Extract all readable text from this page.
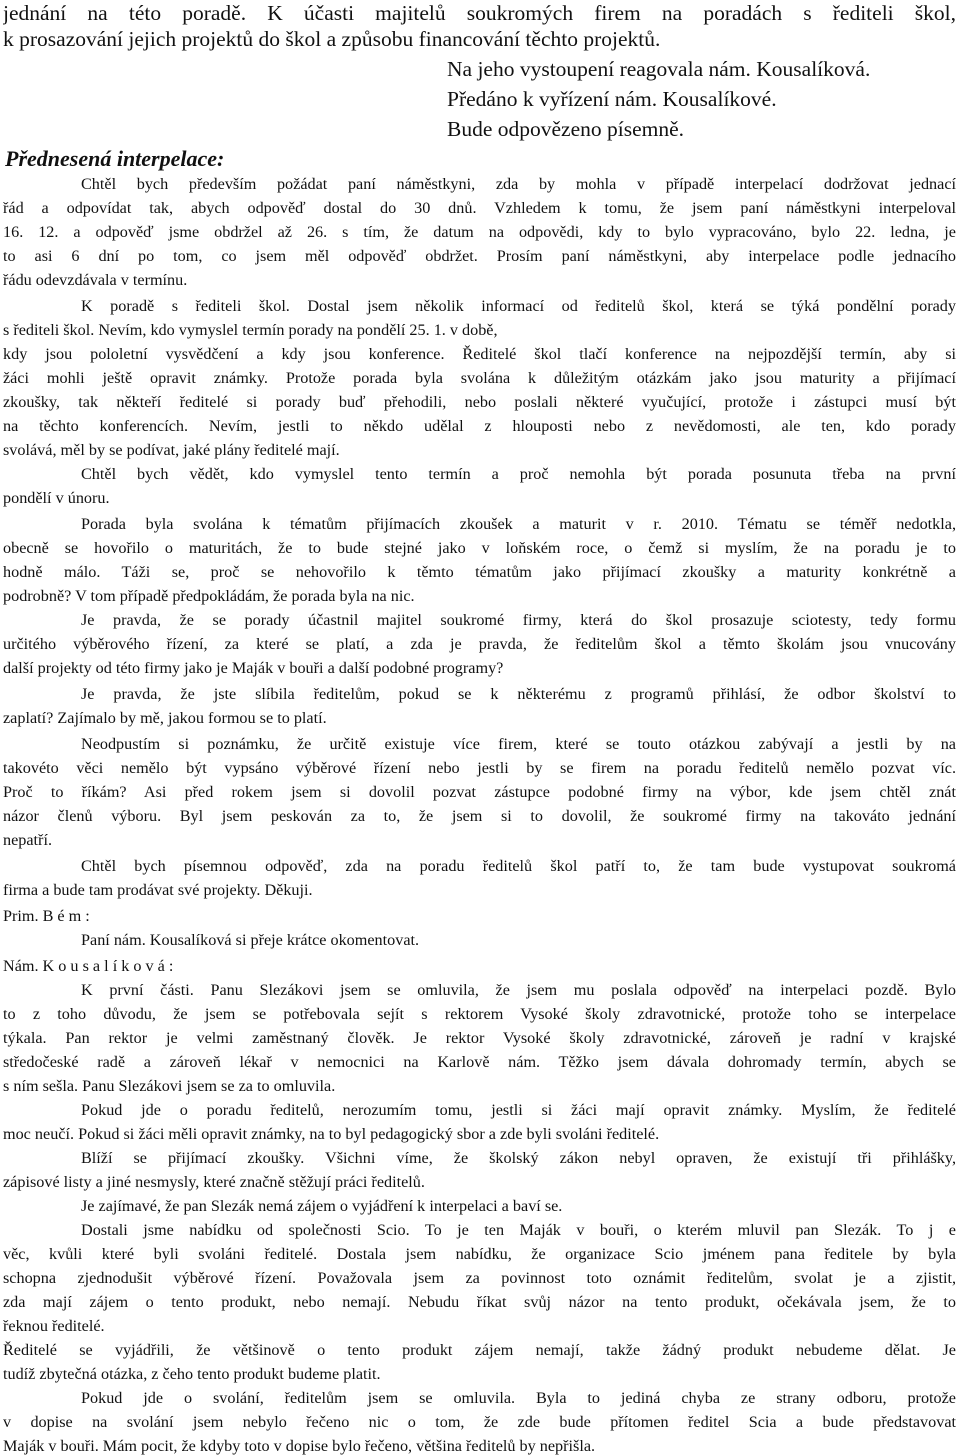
jednání na této poradě. K účasti majitelů soukromých firem na poradách s řediteli škol,
k prosazování jejich projektů do škol a způsobu financování těchto projektů.
Na jeho vystoupení reagovala nám. Kousalíková.
Předáno k vyřízení nám. Kousalíkové.
Bude odpovězeno písemně.
Přednesená interpelace:
Chtěl bych především požádat paní náměstkyni, zda by mohla v případě interpelací dodržovat jednací
řád a odpovídat tak, abych odpověď dostal do 30 dnů. Vzhledem k tomu, že jsem paní náměstkyni interpeloval
16. 12. a odpověď jsme obdržel až 26. s tím, že datum na odpovědi, kdy to bylo vypracováno, bylo 22. ledna, je
to asi 6 dní po tom, co jsem měl odpověď obdržet. Prosím paní náměstkyni, aby interpelace podle jednacího
řádu odevzdávala v termínu.
K poradě s řediteli škol. Dostal jsem několik informací od ředitelů škol, která se týká pondělní porady
s řediteli škol. Nevím, kdo vymyslel termín porady na pondělí 25. 1. v době,
kdy jsou pololetní vysvědčení a kdy jsou konference. Ředitelé škol tlačí konference na nejpozdější termín, aby si
žáci mohli ještě opravit známky. Protože porada byla svolána k důležitým otázkám jako jsou maturity a přijímací
zkoušky, tak někteří ředitelé si porady buď přehodili, nebo poslali některé vyučující, protože i zástupci musí být
na těchto konferencích. Nevím, jestli to někdo udělal z hlouposti nebo z nevědomosti, ale ten, kdo porady
svolává, měl by se podívat, jaké plány ředitelé mají.
Chtěl bych vědět, kdo vymyslel tento termín a proč nemohla být porada posunuta třeba na první
pondělí v únoru.
Porada byla svolána k tématům přijímacích zkoušek a maturit v r. 2010. Tématu se téměř nedotkla,
obecně se hovořilo o maturitách, že to bude stejné jako v loňském roce, o čemž si myslím, že na poradu je to
hodně málo. Táži se, proč se nehovořilo k těmto tématům jako přijímací zkoušky a maturity konkrétně a
podrobně? V tom případě předpokládám, že porada byla na nic.
Je pravda, že se porady účastnil majitel soukromé firmy, která do škol prosazuje sciotesty, tedy formu
určitého výběrového řízení, za které se platí, a zda je pravda, že ředitelům škol a těmto školám jsou vnucovány
další projekty od této firmy jako je Maják v bouři a další podobné programy?
Je pravda, že jste slíbila ředitelům, pokud se k některému z programů přihlásí, že odbor školství to
zaplatí? Zajímalo by mě, jakou formou se to platí.
Neodpustím si poznámku, že určitě existuje více firem, které se touto otázkou zabývají a jestli by na
takovéto věci nemělo být vypsáno výběrové řízení nebo jestli by se firem na poradu ředitelů nemělo pozvat víc.
Proč to říkám? Asi před rokem jsem si dovolil pozvat zástupce podobné firmy na výbor, kde jsem chtěl znát
názor členů výboru. Byl jsem peskován za to, že jsem si to dovolil, že soukromé firmy na takováto jednání
nepatří.
Chtěl bych písemnou odpověď, zda na poradu ředitelů škol patří to, že tam bude vystupovat soukromá
firma a bude tam prodávat své projekty. Děkuji.
Prim. B é m :
Paní nám. Kousalíková si přeje krátce okomentovat.
Nám. K o u s a l í k o v á :
K první části. Panu Slezákovi jsem se omluvila, že jsem mu poslala odpověď na interpelaci pozdě. Bylo
to z toho důvodu, že jsem se potřebovala sejít s rektorem Vysoké školy zdravotnické, protože toho se interpelace
týkala. Pan rektor je velmi zaměstnaný člověk. Je rektor Vysoké školy zdravotnické, zároveň je radní v krajské
středočeské radě a zároveň lékař v nemocnici na Karlově nám. Těžko jsem dávala dohromady termín, abych se
s ním sešla. Panu Slezákovi jsem se za to omluvila.
Pokud jde o poradu ředitelů, nerozumím tomu, jestli si žáci mají opravit známky. Myslím, že ředitelé
moc neučí. Pokud si žáci měli opravit známky, na to byl pedagogický sbor a zde byli svoláni ředitelé.
Blíží se přijímací zkoušky. Všichni víme, že školský zákon nebyl opraven, že existují tři přihlášky,
zápisové listy a jiné nesmysly, které značně stěžují práci ředitelů.
Je zajímavé, že pan Slezák nemá zájem o vyjádření k interpelaci a baví se.
Dostali jsme nabídku od společnosti Scio. To je ten Maják v bouři, o kterém mluvil pan Slezák. To j e
věc, kvůli které byli svoláni ředitelé. Dostala jsem nabídku, že organizace Scio jménem pana ředitele by byla
schopna zjednodušit výběrové řízení. Považovala jsem za povinnost toto oznámit ředitelům, svolat je a zjistit,
zda mají zájem o tento produkt, nebo nemají. Nebudu říkat svůj názor na tento produkt, očekávala jsem, že to
řeknou ředitelé.
Ředitelé se vyjádřili, že většinově o tento produkt zájem nemají, takže žádný produkt nebudeme dělat. Je
tudíž zbytečná otázka, z čeho tento produkt budeme platit.
Pokud jde o svolání, ředitelům jsem se omluvila. Byla to jediná chyba ze strany odboru, protože
v dopise na svolání jsem nebylo řečeno nic o tom, že zde bude přítomen ředitel Scia a bude představovat
Maják v bouři. Mám pocit, že kdyby toto v dopise bylo řečeno, většina ředitelů by nepřišla.
